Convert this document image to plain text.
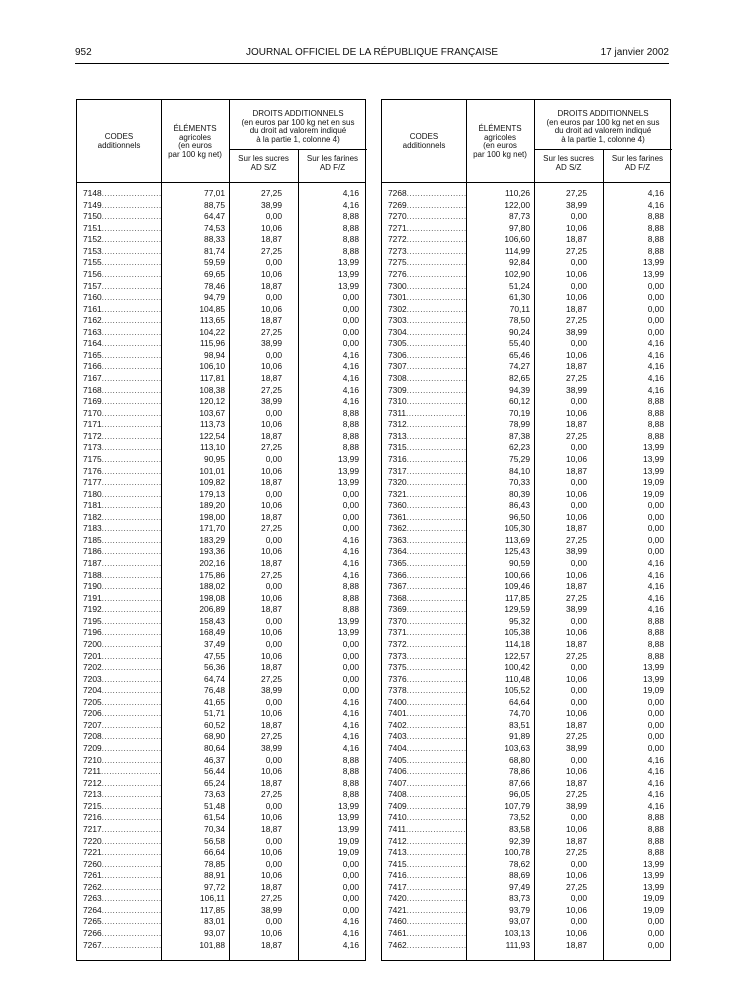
952	JOURNAL OFFICIEL DE LA RÉPUBLIQUE FRANÇAISE	17 janvier 2002
CODES
additionnels
ÉLÉMENTS
agricoles
(en euros
par 100 kg net)
DROITS ADDITIONNELS
(en euros par 100 kg net en sus
du droit ad valorem indiqué
à la partie 1, colonne 4)
Sur les sucres
AD S/Z
Sur les farines
AD F/Z
7148 .....	77,01	27,25	4,16
7149 .....	88,75	38,99	4,16
7150 .....	64,47	0,00	8,88
7151 .....	74,53	10,06	8,88
7152 .....	88,33	18,87	8,88
7153 .....	81,74	27,25	8,88
7155 .....	59,59	0,00	13,99
7156 .....	69,65	10,06	13,99
7157 .....	78,46	18,87	13,99
7160 .....	94,79	0,00	0,00
7161 .....	104,85	10,06	0,00
7162 .....	113,65	18,87	0,00
7163 .....	104,22	27,25	0,00
7164 .....	115,96	38,99	0,00
7165 .....	98,94	0,00	4,16
7166 .....	106,10	10,06	4,16
7167 .....	117,81	18,87	4,16
7168 .....	108,38	27,25	4,16
7169 .....	120,12	38,99	4,16
7170 .....	103,67	0,00	8,88
7171 .....	113,73	10,06	8,88
7172 .....	122,54	18,87	8,88
7173 .....	113,10	27,25	8,88
7175 .....	90,95	0,00	13,99
7176 .....	101,01	10,06	13,99
7177 .....	109,82	18,87	13,99
7180 .....	179,13	0,00	0,00
7181 .....	189,20	10,06	0,00
7182 .....	198,00	18,87	0,00
7183 .....	171,70	27,25	0,00
7185 .....	183,29	0,00	4,16
7186 .....	193,36	10,06	4,16
7187 .....	202,16	18,87	4,16
7188 .....	175,86	27,25	4,16
7190 .....	188,02	0,00	8,88
7191 .....	198,08	10,06	8,88
7192 .....	206,89	18,87	8,88
7195 .....	158,43	0,00	13,99
7196 .....	168,49	10,06	13,99
7200 .....	37,49	0,00	0,00
7201 .....	47,55	10,06	0,00
7202 .....	56,36	18,87	0,00
7203 .....	64,74	27,25	0,00
7204 .....	76,48	38,99	0,00
7205 .....	41,65	0,00	4,16
7206 .....	51,71	10,06	4,16
7207 .....	60,52	18,87	4,16
7208 .....	68,90	27,25	4,16
7209 .....	80,64	38,99	4,16
7210 .....	46,37	0,00	8,88
7211 .....	56,44	10,06	8,88
7212 .....	65,24	18,87	8,88
7213 .....	73,63	27,25	8,88
7215 .....	51,48	0,00	13,99
7216 .....	61,54	10,06	13,99
7217 .....	70,34	18,87	13,99
7220 .....	56,58	0,00	19,09
7221 .....	66,64	10,06	19,09
7260 .....	78,85	0,00	0,00
7261 .....	88,91	10,06	0,00
7262 .....	97,72	18,87	0,00
7263 .....	106,11	27,25	0,00
7264 .....	117,85	38,99	0,00
7265 .....	83,01	0,00	4,16
7266 .....	93,07	10,06	4,16
7267 .....	101,88	18,87	4,16
CODES
additionnels
ÉLÉMENTS
agricoles
(en euros
par 100 kg net)
DROITS ADDITIONNELS
(en euros par 100 kg net en sus
du droit ad valorem indiqué
à la partie 1, colonne 4)
Sur les sucres
AD S/Z
Sur les farines
AD F/Z
7268 .....	110,26	27,25	4,16
7269 .....	122,00	38,99	4,16
7270 .....	87,73	0,00	8,88
7271 .....	97,80	10,06	8,88
7272 .....	106,60	18,87	8,88
7273 .....	114,99	27,25	8,88
7275 .....	92,84	0,00	13,99
7276 .....	102,90	10,06	13,99
7300 .....	51,24	0,00	0,00
7301 .....	61,30	10,06	0,00
7302 .....	70,11	18,87	0,00
7303 .....	78,50	27,25	0,00
7304 .....	90,24	38,99	0,00
7305 .....	55,40	0,00	4,16
7306 .....	65,46	10,06	4,16
7307 .....	74,27	18,87	4,16
7308 .....	82,65	27,25	4,16
7309 .....	94,39	38,99	4,16
7310 .....	60,12	0,00	8,88
7311 .....	70,19	10,06	8,88
7312 .....	78,99	18,87	8,88
7313 .....	87,38	27,25	8,88
7315 .....	62,23	0,00	13,99
7316 .....	75,29	10,06	13,99
7317 .....	84,10	18,87	13,99
7320 .....	70,33	0,00	19,09
7321 .....	80,39	10,06	19,09
7360 .....	86,43	0,00	0,00
7361 .....	96,50	10,06	0,00
7362 .....	105,30	18,87	0,00
7363 .....	113,69	27,25	0,00
7364 .....	125,43	38,99	0,00
7365 .....	90,59	0,00	4,16
7366 .....	100,66	10,06	4,16
7367 .....	109,46	18,87	4,16
7368 .....	117,85	27,25	4,16
7369 .....	129,59	38,99	4,16
7370 .....	95,32	0,00	8,88
7371 .....	105,38	10,06	8,88
7372 .....	114,18	18,87	8,88
7373 .....	122,57	27,25	8,88
7375 .....	100,42	0,00	13,99
7376 .....	110,48	10,06	13,99
7378 .....	105,52	0,00	19,09
7400 .....	64,64	0,00	0,00
7401 .....	74,70	10,06	0,00
7402 .....	83,51	18,87	0,00
7403 .....	91,89	27,25	0,00
7404 .....	103,63	38,99	0,00
7405 .....	68,80	0,00	4,16
7406 .....	78,86	10,06	4,16
7407 .....	87,66	18,87	4,16
7408 .....	96,05	27,25	4,16
7409 .....	107,79	38,99	4,16
7410 .....	73,52	0,00	8,88
7411 .....	83,58	10,06	8,88
7412 .....	92,39	18,87	8,88
7413 .....	100,78	27,25	8,88
7415 .....	78,62	0,00	13,99
7416 .....	88,69	10,06	13,99
7417 .....	97,49	27,25	13,99
7420 .....	83,73	0,00	19,09
7421 .....	93,79	10,06	19,09
7460 .....	93,07	0,00	0,00
7461 .....	103,13	10,06	0,00
7462 .....	111,93	18,87	0,00
